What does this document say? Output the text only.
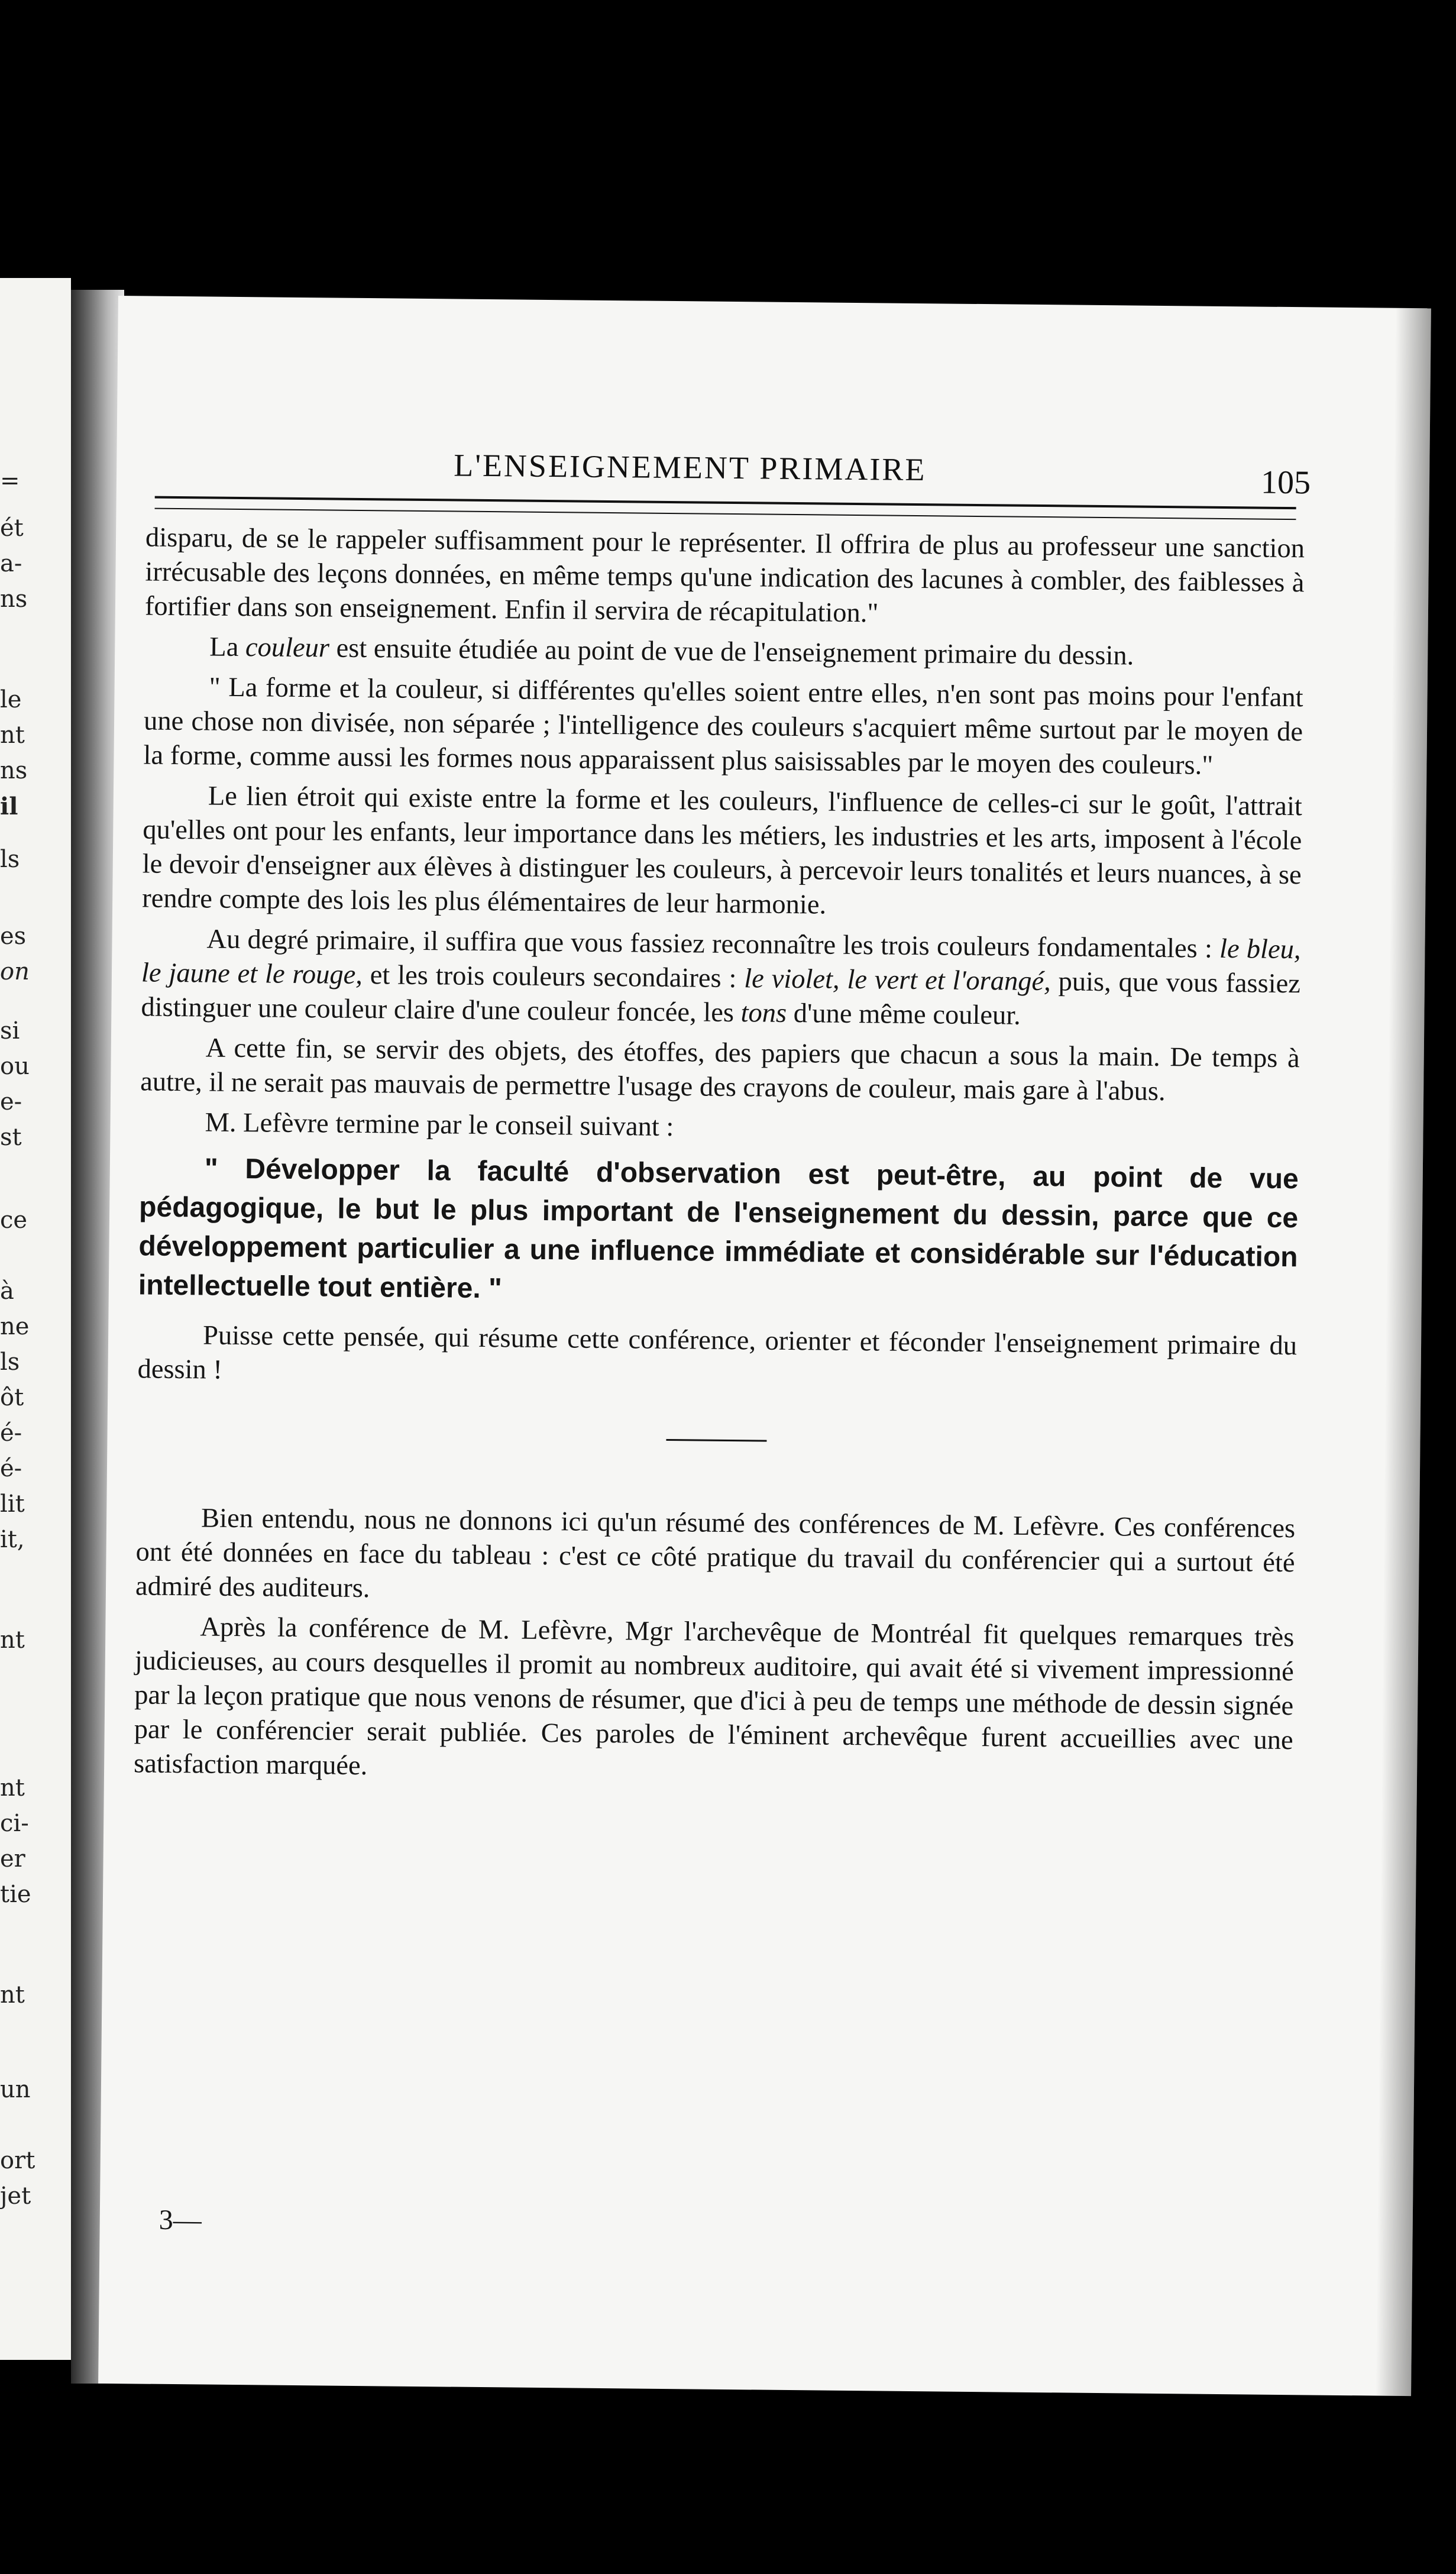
=
ét
a-
ns
le
nt
ns
il
ls
es
on
si
ou
e-
st
ce
à
ne
ls
ôt
é-
é-
lit
it,
nt
nt
ci-
er
tie
nt
un
ort
jet
L'ENSEIGNEMENT PRIMAIRE	105

disparu, de se le rappeler suffisamment pour le représenter. Il offrira de plus au professeur une sanction irrécusable des leçons données, en même temps qu'une indication des lacunes à combler, des faiblesses à fortifier dans son enseignement. Enfin il servira de récapitulation."

La couleur est ensuite étudiée au point de vue de l'enseignement primaire du dessin.

" La forme et la couleur, si différentes qu'elles soient entre elles, n'en sont pas moins pour l'enfant une chose non divisée, non séparée ; l'intelligence des couleurs s'acquiert même surtout par le moyen de la forme, comme aussi les formes nous apparaissent plus saisissables par le moyen des couleurs."

Le lien étroit qui existe entre la forme et les couleurs, l'influence de celles-ci sur le goût, l'attrait qu'elles ont pour les enfants, leur importance dans les métiers, les industries et les arts, imposent à l'école le devoir d'enseigner aux élèves à distinguer les couleurs, à percevoir leurs tonalités et leurs nuances, à se rendre compte des lois les plus élémentaires de leur harmonie.

Au degré primaire, il suffira que vous fassiez reconnaître les trois couleurs fondamentales : le bleu, le jaune et le rouge, et les trois couleurs secondaires : le violet, le vert et l'orangé, puis, que vous fassiez distinguer une couleur claire d'une couleur foncée, les tons d'une même couleur.

A cette fin, se servir des objets, des étoffes, des papiers que chacun a sous la main. De temps à autre, il ne serait pas mauvais de permettre l'usage des crayons de couleur, mais gare à l'abus.

M. Lefèvre termine par le conseil suivant :

" Développer la faculté d'observation est peut-être, au point de vue pédagogique, le but le plus important de l'enseignement du dessin, parce que ce développement particulier a une influence immédiate et considérable sur l'éducation intellectuelle tout entière. "

Puisse cette pensée, qui résume cette conférence, orienter et féconder l'enseignement primaire du dessin !

Bien entendu, nous ne donnons ici qu'un résumé des conférences de M. Lefèvre. Ces conférences ont été données en face du tableau : c'est ce côté pratique du travail du conférencier qui a surtout été admiré des auditeurs.

Après la conférence de M. Lefèvre, Mgr l'archevêque de Montréal fit quelques remarques très judicieuses, au cours desquelles il promit au nombreux auditoire, qui avait été si vivement impressionné par la leçon pratique que nous venons de résumer, que d'ici à peu de temps une méthode de dessin signée par le conférencier serait publiée. Ces paroles de l'éminent archevêque furent accueillies avec une satisfaction marquée.

3—
